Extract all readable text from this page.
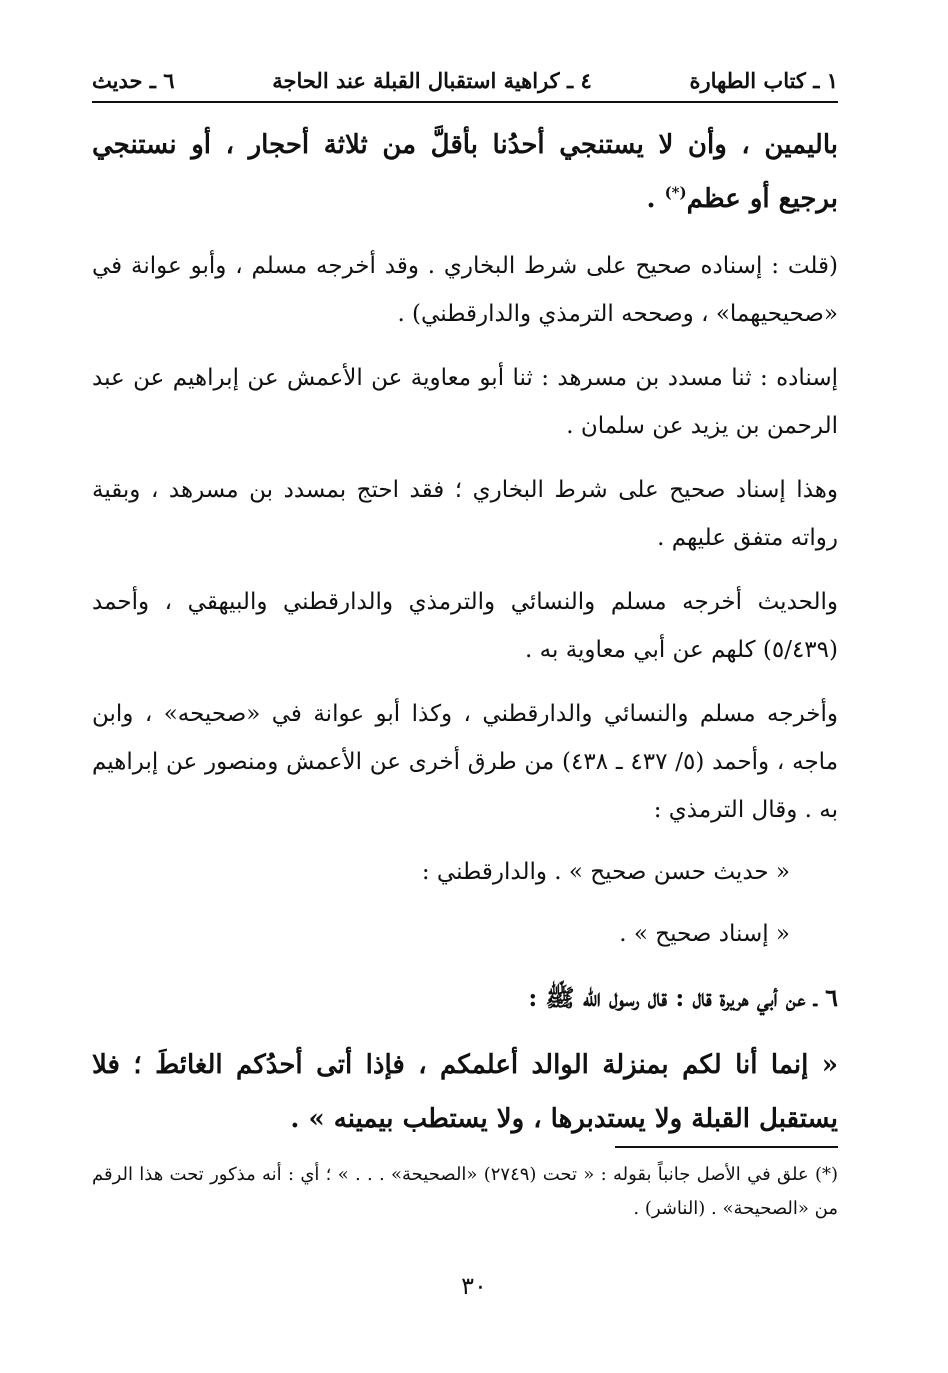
١ ـ كتاب الطهارة
٤ ـ كراهية استقبال القبلة عند الحاجة
٦ ـ حديث

باليمين ، وأن لا يستنجي أحدُنا بأقلَّ من ثلاثة أحجار ، أو نستنجي برجيع أو عظم(*) .

(قلت : إسناده صحيح على شرط البخاري . وقد أخرجه مسلم ، وأبو عوانة في «صحيحيهما» ، وصححه الترمذي والدارقطني) .

إسناده : ثنا مسدد بن مسرهد : ثنا أبو معاوية عن الأعمش عن إبراهيم عن عبد الرحمن بن يزيد عن سلمان .

وهذا إسناد صحيح على شرط البخاري ؛ فقد احتج بمسدد بن مسرهد ، وبقية رواته متفق عليهم .

والحديث أخرجه مسلم والنسائي والترمذي والدارقطني والبيهقي ، وأحمد (٥/٤٣٩) كلهم عن أبي معاوية به .

وأخرجه مسلم والنسائي والدارقطني ، وكذا أبو عوانة في «صحيحه» ، وابن ماجه ، وأحمد (٥/ ٤٣٧ ـ ٤٣٨) من طرق أخرى عن الأعمش ومنصور عن إبراهيم به . وقال الترمذي :

« حديث حسن صحيح » . والدارقطني :

« إسناد صحيح » .

٦ ـ عن أبي هريرة قال : قال رسول الله ﷺ :

« إنما أنا لكم بمنزلة الوالد أعلمكم ، فإذا أتى أحدُكم الغائطَ ؛ فلا يستقبل القبلة ولا يستدبرها ، ولا يستطب بيمينه » .

(*) علق في الأصل جانباً بقوله : « تحت (٢٧٤٩) «الصحيحة» . . . » ؛ أي : أنه مذكور تحت هذا الرقم من «الصحيحة» . (الناشر) .

٣٠
